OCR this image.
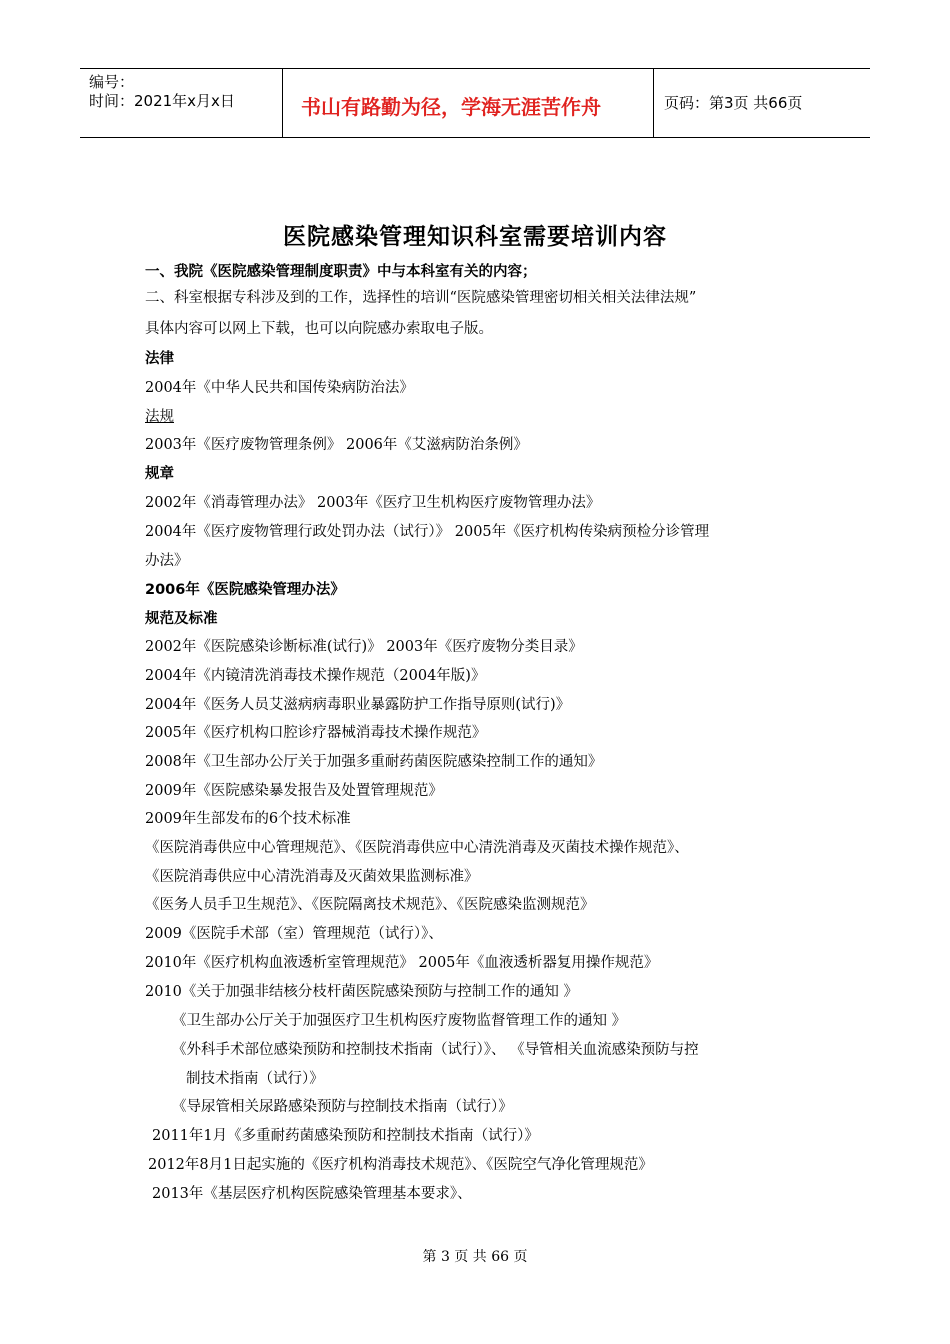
编号：
时间：2021年x月x日	书山有路勤为径，学海无涯苦作舟	页码：第3页 共66页
医院感染管理知识科室需要培训内容
一、我院《医院感染管理制度职责》中与本科室有关的内容；
二、科室根据专科涉及到的工作，选择性的培训“医院感染管理密切相关相关法律法规”
具体内容可以网上下载，也可以向院感办索取电子版。
法律
2004年《中华人民共和国传染病防治法》
法规
2003年《医疗废物管理条例》 2006年《艾滋病防治条例》
规章
2002年《消毒管理办法》 2003年《医疗卫生机构医疗废物管理办法》
2004年《医疗废物管理行政处罚办法（试行）》 2005年《医疗机构传染病预检分诊管理
办法》
2006年《医院感染管理办法》
规范及标准
2002年《医院感染诊断标准(试行)》 2003年《医疗废物分类目录》
2004年《内镜清洗消毒技术操作规范（2004年版)》
2004年《医务人员艾滋病病毒职业暴露防护工作指导原则(试行)》
2005年《医疗机构口腔诊疗器械消毒技术操作规范》
2008年《卫生部办公厅关于加强多重耐药菌医院感染控制工作的通知》
2009年《医院感染暴发报告及处置管理规范》
2009年生部发布的6个技术标准
《医院消毒供应中心管理规范》、《医院消毒供应中心清洗消毒及灭菌技术操作规范》、
《医院消毒供应中心清洗消毒及灭菌效果监测标准》
《医务人员手卫生规范》、《医院隔离技术规范》、《医院感染监测规范》
2009《医院手术部（室）管理规范（试行）》、
2010年《医疗机构血液透析室管理规范》 2005年《血液透析器复用操作规范》
2010《关于加强非结核分枝杆菌医院感染预防与控制工作的通知 》
《卫生部办公厅关于加强医疗卫生机构医疗废物监督管理工作的通知 》
《外科手术部位感染预防和控制技术指南（试行）》、 《导管相关血流感染预防与控
制技术指南（试行）》
《导尿管相关尿路感染预防与控制技术指南（试行）》
2011年1月《多重耐药菌感染预防和控制技术指南（试行）》
2012年8月1日起实施的《医疗机构消毒技术规范》、《医院空气净化管理规范》
2013年《基层医疗机构医院感染管理基本要求》、
第 3 页 共 66 页
